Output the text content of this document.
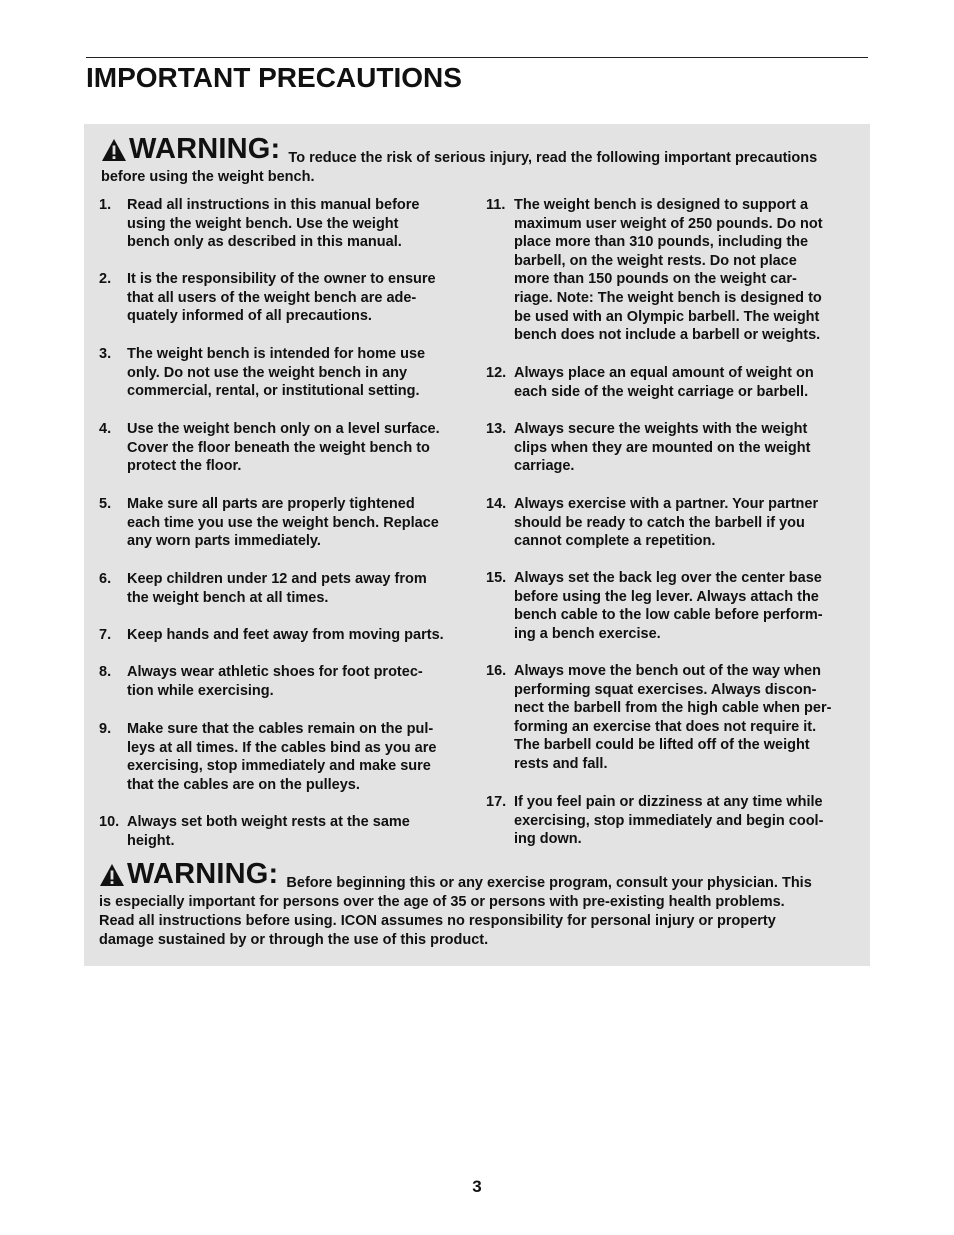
IMPORTANT PRECAUTIONS
WARNING: To reduce the risk of serious injury, read the following important precautions
before using the weight bench.
1. Read all instructions in this manual before
using the weight bench. Use the weight
bench only as described in this manual.
2. It is the responsibility of the owner to ensure
that all users of the weight bench are ade-
quately informed of all precautions.
3. The weight bench is intended for home use
only. Do not use the weight bench in any
commercial, rental, or institutional setting.
4. Use the weight bench only on a level surface.
Cover the floor beneath the weight bench to
protect the floor.
5. Make sure all parts are properly tightened
each time you use the weight bench. Replace
any worn parts immediately.
6. Keep children under 12 and pets away from
the weight bench at all times.
7. Keep hands and feet away from moving parts.
8. Always wear athletic shoes for foot protec-
tion while exercising.
9. Make sure that the cables remain on the pul-
leys at all times. If the cables bind as you are
exercising, stop immediately and make sure
that the cables are on the pulleys.
10. Always set both weight rests at the same
height.
11. The weight bench is designed to support a
maximum user weight of 250 pounds. Do not
place more than 310 pounds, including the
barbell, on the weight rests. Do not place
more than 150 pounds on the weight car-
riage. Note: The weight bench is designed to
be used with an Olympic barbell. The weight
bench does not include a barbell or weights.
12. Always place an equal amount of weight on
each side of the weight carriage or barbell.
13. Always secure the weights with the weight
clips when they are mounted on the weight
carriage.
14. Always exercise with a partner. Your partner
should be ready to catch the barbell if you
cannot complete a repetition.
15. Always set the back leg over the center base
before using the leg lever. Always attach the
bench cable to the low cable before perform-
ing a bench exercise.
16. Always move the bench out of the way when
performing squat exercises. Always discon-
nect the barbell from the high cable when per-
forming an exercise that does not require it.
The barbell could be lifted off of the weight
rests and fall.
17. If you feel pain or dizziness at any time while
exercising, stop immediately and begin cool-
ing down.
WARNING: Before beginning this or any exercise program, consult your physician. This
is especially important for persons over the age of 35 or persons with pre-existing health problems.
Read all instructions before using. ICON assumes no responsibility for personal injury or property
damage sustained by or through the use of this product.
3
